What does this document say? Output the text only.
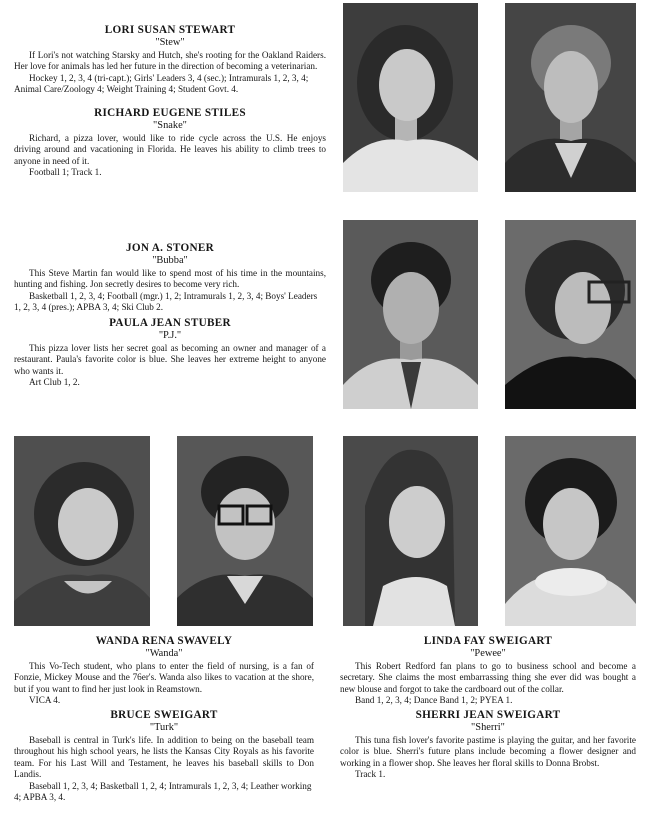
LORI SUSAN STEWART
"Stew"

If Lori's not watching Starsky and Hutch, she's rooting for the Oakland Raiders. Her love for animals has led her future in the direction of becoming a veterinarian.

Hockey 1, 2, 3, 4 (tri-capt.); Girls' Leaders 3, 4 (sec.); Intramurals 1, 2, 3, 4; Animal Care/Zoology 4; Weight Training 4; Student Govt. 4.

RICHARD EUGENE STILES
"Snake"

Richard, a pizza lover, would like to ride cycle across the U.S. He enjoys driving around and vacationing in Florida. He leaves his ability to climb trees to anyone in need of it.

Football 1; Track 1.

JON A. STONER
"Bubba"

This Steve Martin fan would like to spend most of his time in the mountains, hunting and fishing. Jon secretly desires to become very rich.

Basketball 1, 2, 3, 4; Football (mgr.) 1, 2; Intramurals 1, 2, 3, 4; Boys' Leaders 1, 2, 3, 4 (pres.); APBA 3, 4; Ski Club 2.

PAULA JEAN STUBER
"P.J."

This pizza lover lists her secret goal as becoming an owner and manager of a restaurant. Paula's favorite color is blue. She leaves her extreme height to anyone who wants it.

Art Club 1, 2.

WANDA RENA SWAVELY
"Wanda"

This Vo-Tech student, who plans to enter the field of nursing, is a fan of Fonzie, Mickey Mouse and the 76er's. Wanda also likes to vacation at the shore, but if you want to find her just look in Reamstown.

VICA 4.

BRUCE SWEIGART
"Turk"

Baseball is central in Turk's life. In addition to being on the baseball team throughout his high school years, he lists the Kansas City Royals as his favorite team. For his Last Will and Testament, he leaves his baseball skills to Don Landis.

Baseball 1, 2, 3, 4; Basketball 1, 2, 4; Intramurals 1, 2, 3, 4; Leather working 4; APBA 3, 4.

LINDA FAY SWEIGART
"Pewee"

This Robert Redford fan plans to go to business school and become a secretary. She claims the most embarrassing thing she ever did was bought a new blouse and forgot to take the cardboard out of the collar.

Band 1, 2, 3, 4; Dance Band 1, 2; PYEA 1.

SHERRI JEAN SWEIGART
"Sherri"

This tuna fish lover's favorite pastime is playing the guitar, and her favorite color is blue. Sherri's future plans include becoming a flower designer and working in a flower shop. She leaves her floral skills to Donna Brobst.

Track 1.
